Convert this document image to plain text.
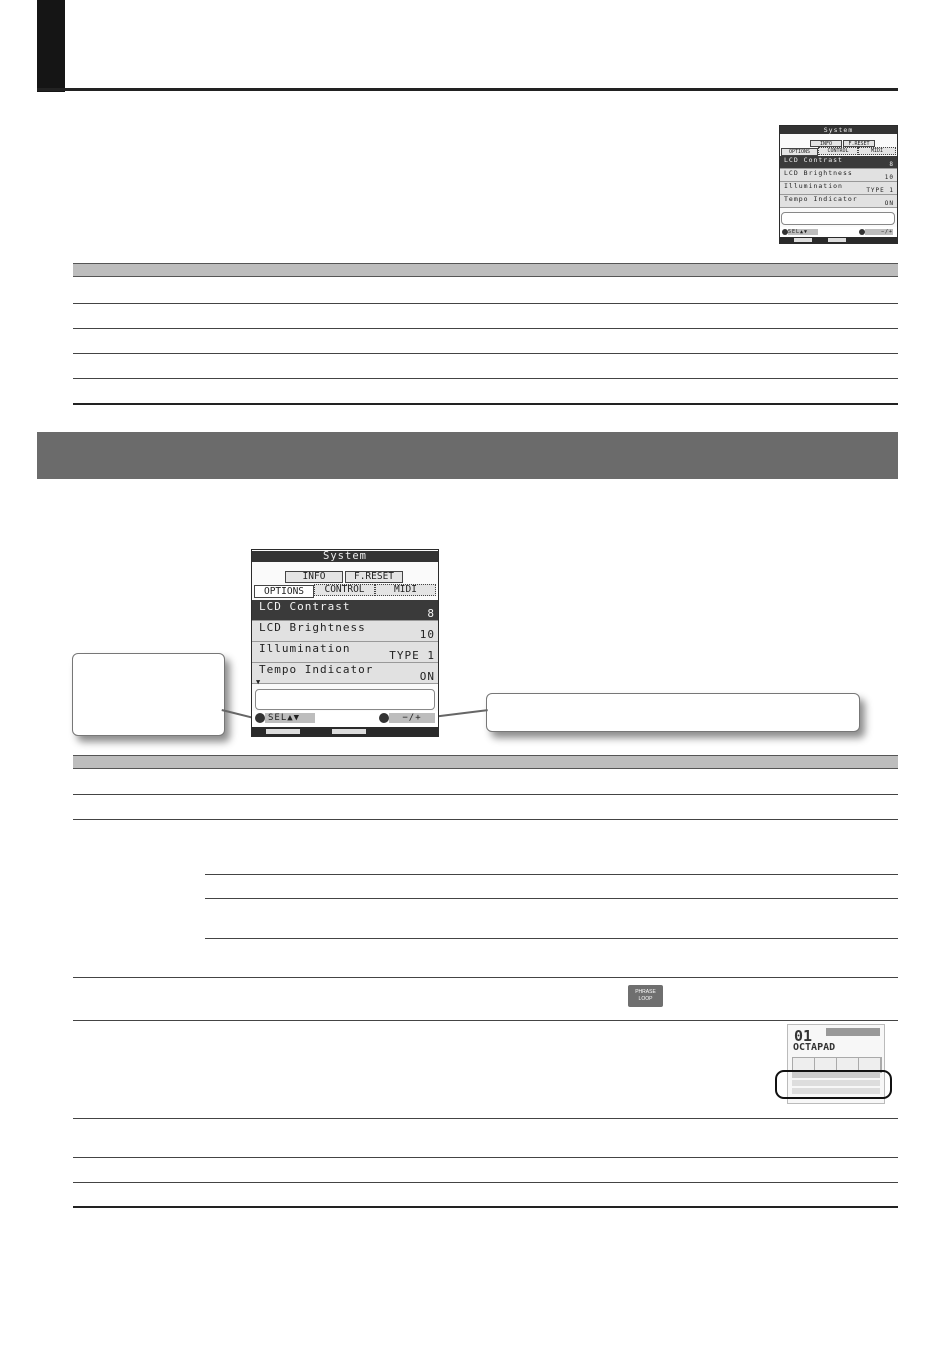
System
INFO	F.RESET
OPTIONS	CONTROL	MIDI
LCD Contrast
8
LCD Brightness
10
Illumination
TYPE 1
Tempo Indicator
ON
SEL▲▼	−/+
System
INFO	F.RESET
OPTIONS	CONTROL	MIDI
LCD Contrast
8
LCD Brightness
10
Illumination
TYPE 1
Tempo Indicator
ON
▼
SEL▲▼	−/+
PHRASE
LOOP
01
OCTAPAD
